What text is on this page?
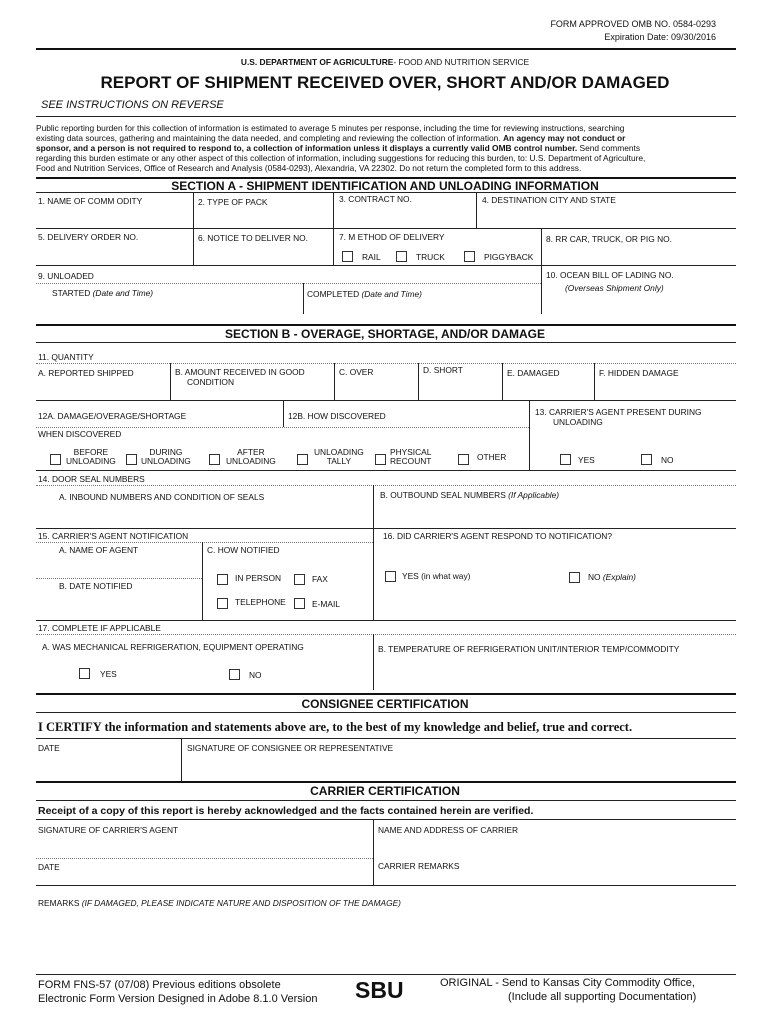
FORM APPROVED OMB NO. 0584-0293
Expiration Date: 09/30/2016
U.S. DEPARTMENT OF AGRICULTURE- FOOD AND NUTRITION SERVICE
REPORT OF SHIPMENT RECEIVED OVER, SHORT AND/OR DAMAGED
SEE INSTRUCTIONS ON REVERSE
Public reporting burden for this collection of information is estimated to average 5 minutes per response, including the time for reviewing instructions, searching
existing data sources, gathering and maintaining the data needed, and completing and reviewing the collection of information. An agency may not conduct or
sponsor, and a person is not required to respond to, a collection of information unless it displays a currently valid OMB control number. Send comments
regarding this burden estimate or any other aspect of this collection of information, including suggestions for reducing this burden, to: U.S. Department of Agriculture,
Food and Nutrition Services, Office of Research and Analysis (0584-0293), Alexandria, VA 22302. Do not return the completed form to this address.
SECTION A - SHIPMENT IDENTIFICATION AND UNLOADING INFORMATION
1. NAME OF COMM ODITY	2. TYPE OF PACK	3. CONTRACT NO.	4. DESTINATION CITY AND STATE
5. DELIVERY ORDER NO.	6. NOTICE TO DELIVER NO.	7. M ETHOD OF DELIVERY
RAIL	TRUCK	PIGGYBACK
8. RR CAR, TRUCK, OR PIG NO.
9. UNLOADED
STARTED (Date and Time)	COMPLETED (Date and Time)
10. OCEAN BILL OF LADING NO.
(Overseas Shipment Only)
SECTION B - OVERAGE, SHORTAGE, AND/OR DAMAGE
11. QUANTITY
A. REPORTED SHIPPED	B. AMOUNT RECEIVED IN GOOD
CONDITION
C. OVER	D. SHORT	E. DAMAGED	F. HIDDEN DAMAGE
12A. DAMAGE/OVERAGE/SHORTAGE	12B. HOW DISCOVERED	13. CARRIER'S AGENT PRESENT DURING
UNLOADING
WHEN DISCOVERED
BEFORE
UNLOADING
DURING
UNLOADING
AFTER
UNLOADING
UNLOADING
TALLY
PHYSICAL
RECOUNT	OTHER	YES	NO
14. DOOR SEAL NUMBERS
A. INBOUND NUMBERS AND CONDITION OF SEALS	B. OUTBOUND SEAL NUMBERS (If Applicable)
15. CARRIER'S AGENT NOTIFICATION	16. DID CARRIER'S AGENT RESPOND TO NOTIFICATION?
A. NAME OF AGENT	C. HOW NOTIFIED
B. DATE NOTIFIED
IN PERSON	FAX
TELEPHONE	E-MAIL
YES (in what way)	NO (Explain)
17. COMPLETE IF APPLICABLE
A. WAS MECHANICAL REFRIGERATION, EQUIPMENT OPERATING	B. TEMPERATURE OF REFRIGERATION UNIT/INTERIOR TEMP/COMMODITY
YES	NO
CONSIGNEE CERTIFICATION
I CERTIFY the information and statements above are, to the best of my knowledge and belief, true and correct.
DATE	SIGNATURE OF CONSIGNEE OR REPRESENTATIVE
CARRIER CERTIFICATION
Receipt of a copy of this report is hereby acknowledged and the facts contained herein are verified.
SIGNATURE OF CARRIER'S AGENT	NAME AND ADDRESS OF CARRIER
DATE	CARRIER REMARKS
REMARKS (IF DAMAGED, PLEASE INDICATE NATURE AND DISPOSITION OF THE DAMAGE)
FORM FNS-57 (07/08) Previous editions obsolete
Electronic Form Version Designed in Adobe 8.1.0 Version SBU	ORIGINAL - Send to Kansas City Commodity Office,
(Include all supporting Documentation)
